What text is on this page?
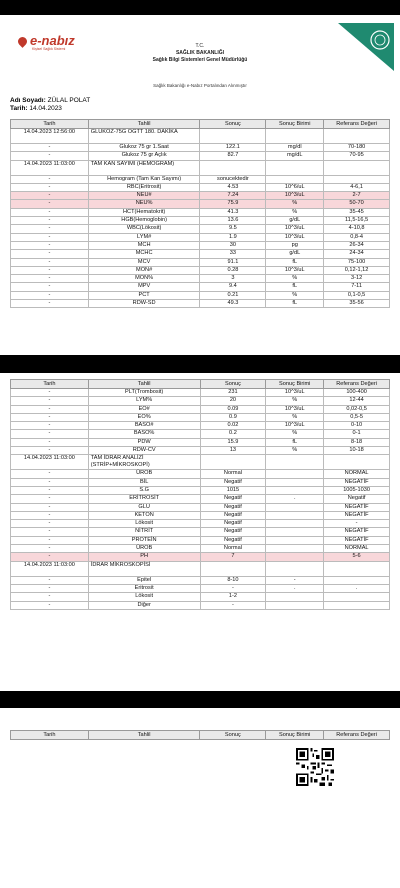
e-nabız
Kişisel Sağlık Sistemi	T.C.
SAĞLIK BAKANLIĞI
Sağlık Bilgi Sistemleri Genel Müdürlüğü
Sağlık Bakanlığı e-Nabız Portalından Alınmıştır
Adı Soyadı: ZÜLAL POLAT
Tarih: 14.04.2023
Tarih	Tahlil	Sonuç	Sonuç Birimi	Referans Değeri
14.04.2023 12:56:00	GLUKOZ-75G OGTT 180. DAKİKA			
-	Glukoz 75 gr 1.Saat	122.1	mg/dl	70-180
-	Glukoz 75 gr Açlık	82.7	mg/dL	70-95
14.04.2023 11:03:00	TAM KAN SAYIMI (HEMOGRAM)			
-	Hemogram (Tam Kan Sayımı)	sonucektedir		
-	RBC(Eritrosit)	4.53	10^6/uL	4-6,1
-	NEU#	7.24	10^3/uL	2-7
-	NEU%	75.9	%	50-70
-	HCT(Hematokrit)	41.3	%	35-45
-	HGB(Hemoglobin)	13.6	g/dL	11,5-16,5
-	WBC(Lökosit)	9.5	10^3/uL	4-10,8
-	LYM#	1.9	10^3/uL	0,8-4
-	MCH	30	pg	26-34
-	MCHC	33	g/dL	24-34
-	MCV	91.1	fL	75-100
-	MON#	0.28	10^3/uL	0,12-1,12
-	MON%	3	%	3-12
-	MPV	9.4	fL	7-11
-	PCT	0.21	%	0,1-0,5
-	RDW-SD	49.3	fL	35-56
Tarih	Tahlil	Sonuç	Sonuç Birimi	Referans Değeri
-	PLT(Trombosit)	231	10^3/uL	100-400
-	LYM%	20	%	12-44
-	EO#	0.09	10^3/uL	0,02-0,5
-	EO%	0.9	%	0,5-5
-	BASO#	0.02	10^3/uL	0-10
-	BASO%	0.2	%	0-1
-	PDW	15.9	fL	8-18
-	RDW-CV	13	%	10-18
14.04.2023 11:03:00	TAM İDRAR ANALİZİ (STRİP+MİKROSKOPİ)			
-	ÜROB	Normal		NORMAL
-	BİL	Negatif		NEGATİF
-	S.G	1015		1005-1030
-	ERİTROSİT	Negatif	.	Negatif
-	GLU	Negatif		NEGATİF
-	KETON	Negatif		NEGATİF
-	Lökosit	Negatif		-
-	NİTRİT	Negatif		NEGATİF
-	PROTEİN	Negatif		NEGATİF
-	ÜROB	Normal		NORMAL
-	PH	7		5-6
14.04.2023 11:03:00	İDRAR MİKROSKOPİSİ			
-	Epitel	8-10	-	
-	Eritrosit	-	.	.
-	Lökosit	1-2		
-	Diğer	-		
Tarih	Tahlil	Sonuç	Sonuç Birimi	Referans Değeri
